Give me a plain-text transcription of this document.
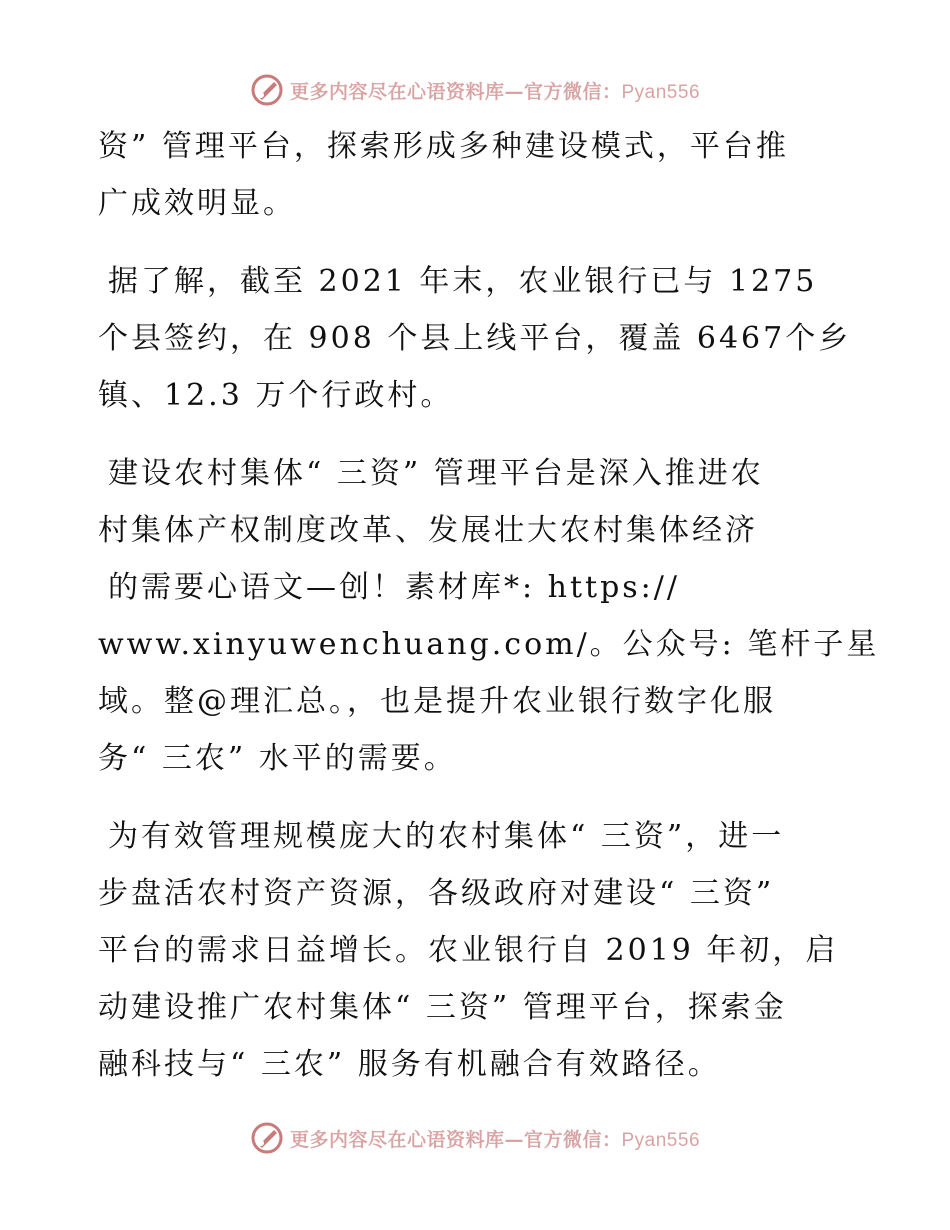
更多内容尽在心语资料库—官方微信：Pyan556
资” 管理平台，探索形成多种建设模式，平台推
广成效明显。
据了解，截至 2021 年末，农业银行已与 1275
个县签约，在 908 个县上线平台，覆盖 6467个乡
镇、12.3 万个行政村。
建设农村集体“ 三资” 管理平台是深入推进农
村集体产权制度改革、发展壮大农村集体经济
的需要心语文—创！素材库*: https://
www.xinyuwenchuang.com/。公众号: 笔杆子星
域。整@理汇总。，也是提升农业银行数字化服
务“ 三农” 水平的需要。
为有效管理规模庞大的农村集体“ 三资”，进一
步盘活农村资产资源，各级政府对建设“ 三资”
平台的需求日益增长。农业银行自 2019 年初，启
动建设推广农村集体“ 三资” 管理平台，探索金
融科技与“ 三农” 服务有机融合有效路径。
更多内容尽在心语资料库—官方微信：Pyan556
